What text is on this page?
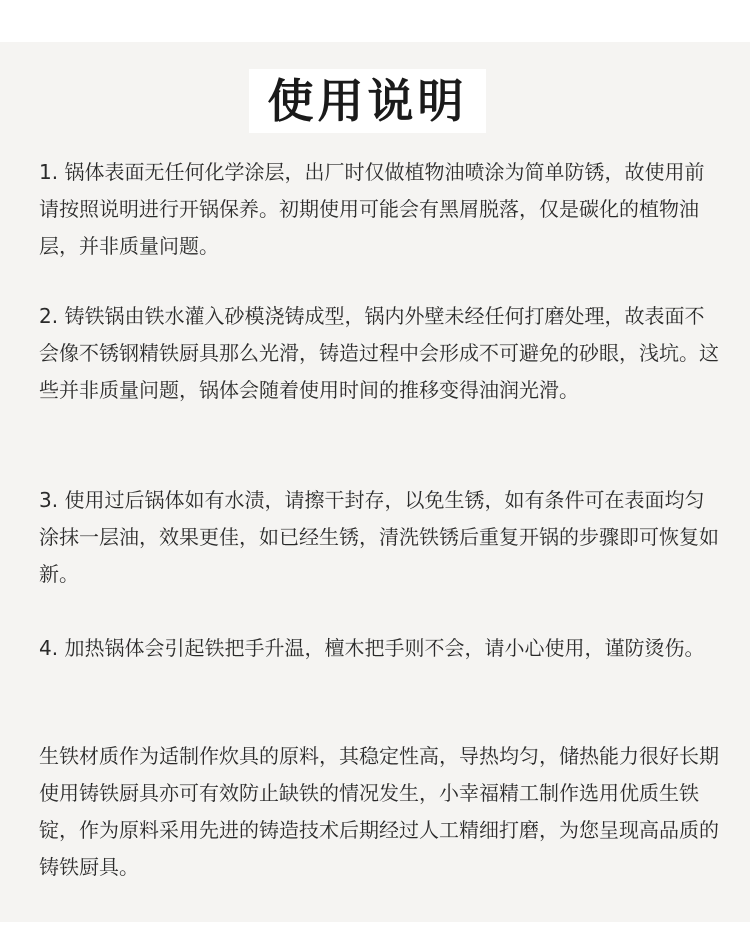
使用说明

1. 锅体表面无任何化学涂层，出厂时仅做植物油喷涂为简单防锈，故使用前请按照说明进行开锅保养。初期使用可能会有黑屑脱落，仅是碳化的植物油层，并非质量问题。

2. 铸铁锅由铁水灌入砂模浇铸成型，锅内外壁未经任何打磨处理，故表面不会像不锈钢精铁厨具那么光滑，铸造过程中会形成不可避免的砂眼，浅坑。这些并非质量问题，锅体会随着使用时间的推移变得油润光滑。

3. 使用过后锅体如有水渍，请擦干封存，以免生锈，如有条件可在表面均匀涂抹一层油，效果更佳，如已经生锈，清洗铁锈后重复开锅的步骤即可恢复如新。

4. 加热锅体会引起铁把手升温，檀木把手则不会，请小心使用，谨防烫伤。

生铁材质作为适制作炊具的原料，其稳定性高，导热均匀，储热能力很好长期使用铸铁厨具亦可有效防止缺铁的情况发生，小幸福精工制作选用优质生铁锭，作为原料采用先进的铸造技术后期经过人工精细打磨，为您呈现高品质的铸铁厨具。
